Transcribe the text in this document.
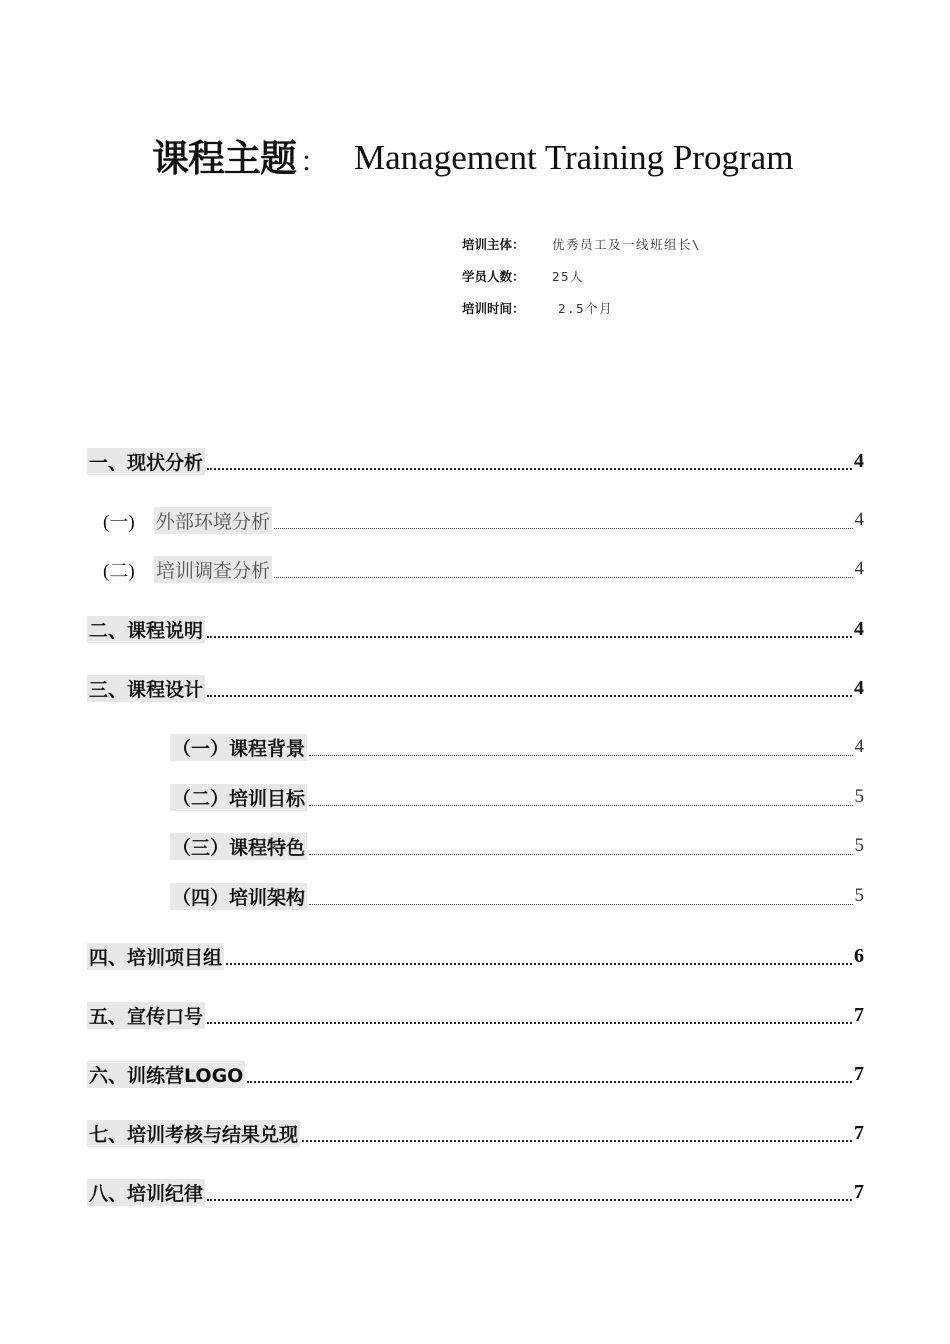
课程主题 ： Management Training Program
培训主体：	优秀员工及一线班组长\
学员人数：	25人
培训时间：	2.5个月
一、现状分析	4
(一)	外部环境分析	4
(二)	培训调查分析	4
二、课程说明	4
三、课程设计	4
（一）课程背景	4
（二）培训目标	5
（三）课程特色	5
（四）培训架构	5
四、培训项目组	6
五、宣传口号	7
六、训练营LOGO	7
七、培训考核与结果兑现	7
八、培训纪律	7
